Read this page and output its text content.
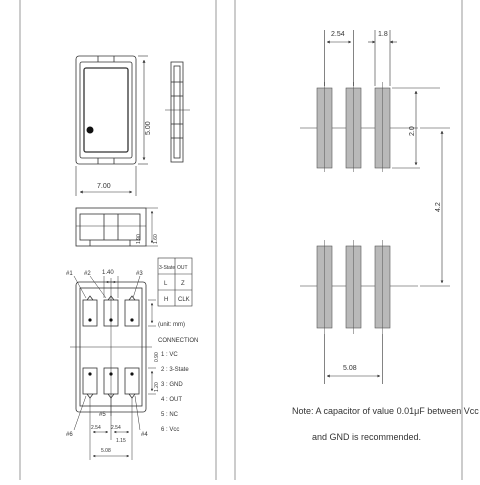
5.00
7.00
1.90 1.60
#1 #2	#3
#4
#5
#6
1.40
0.90
1.20
2.54 2.54
1.15
5.08
3-State OUT
L Z
H CLK
(unit: mm)
CONNECTION
1 : VC
2 : 3-State
3 : GND
4 : OUT
5 : NC
6 : Vcc
2.54	1.8
2.0
4.2
5.08
Note: A capacitor of value 0.01μF between Vcc
and GND is recommended.
